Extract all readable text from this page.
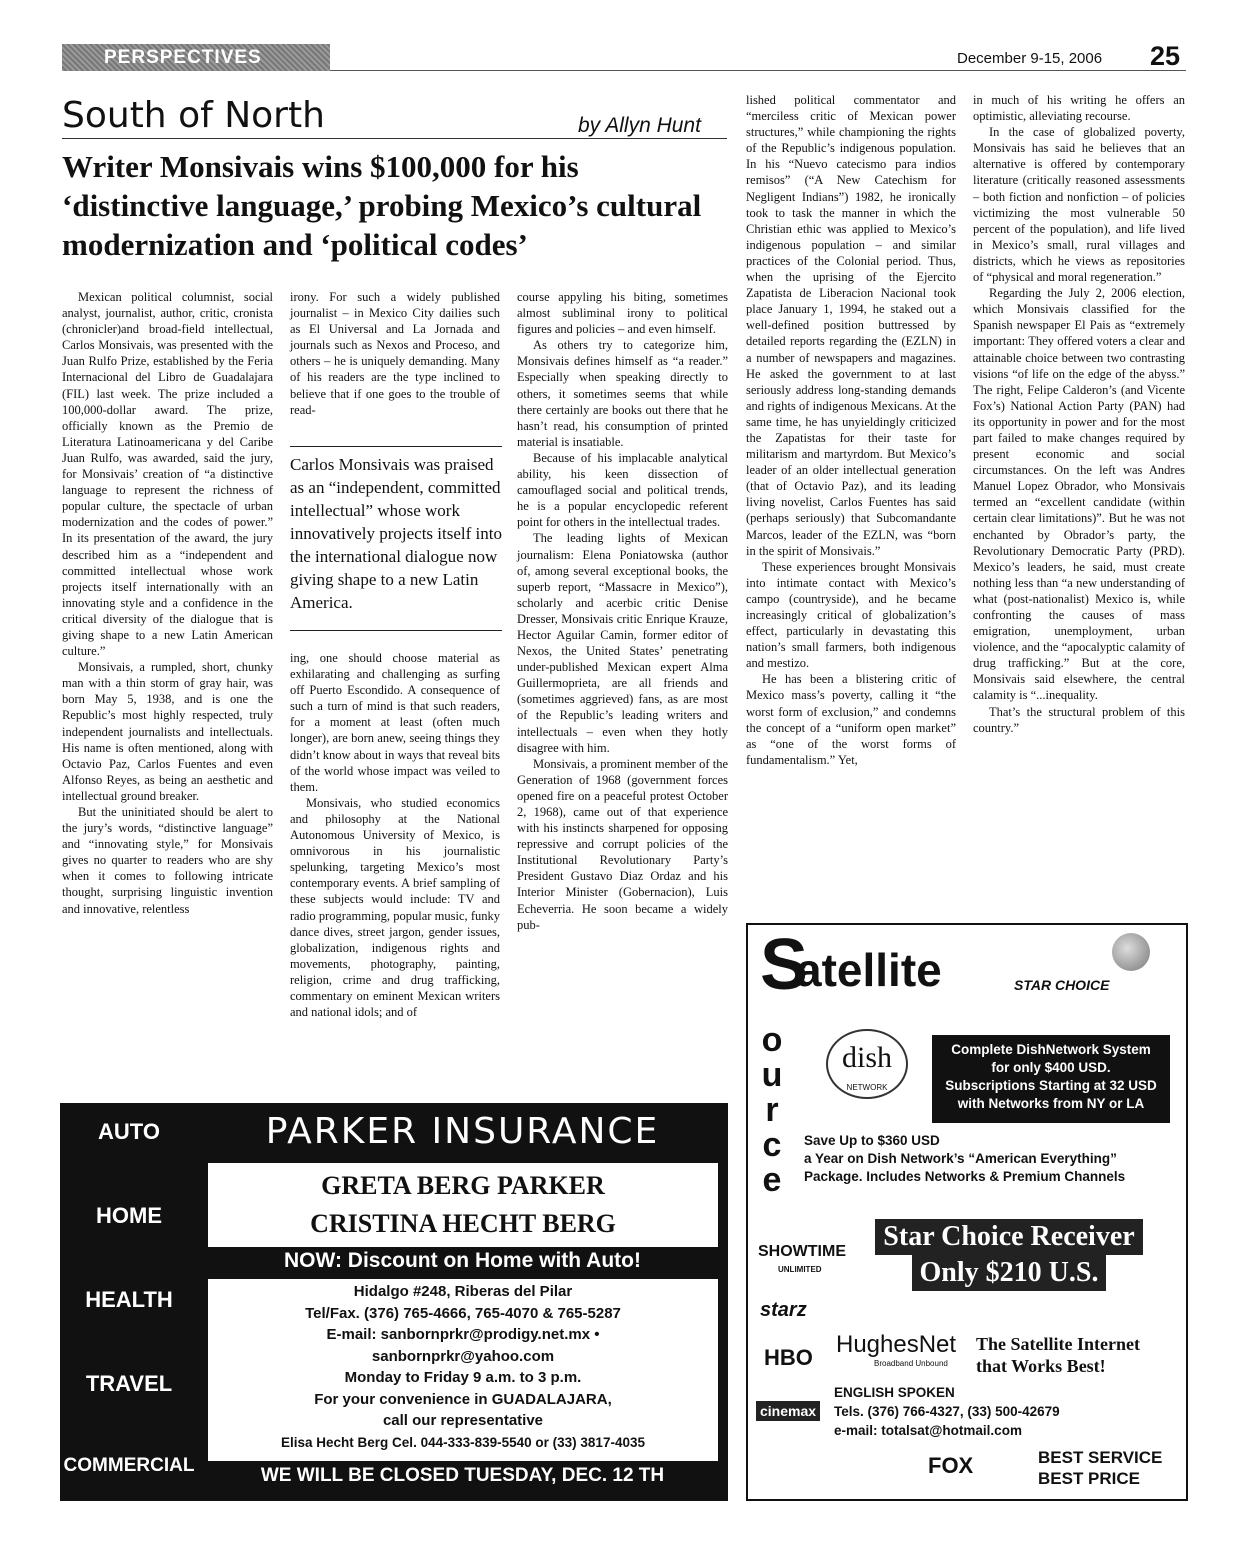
PERSPECTIVES	December 9-15, 2006 25
South of North	by Allyn Hunt
Writer Monsivais wins $100,000 for his ‘distinctive language,’ probing Mexico’s cultural modernization and ‘political codes’

Mexican political columnist, social analyst, journalist, author, critic, cronista (chronicler)and broad-field intellectual, Carlos Monsivais, was presented with the Juan Rulfo Prize, established by the Feria Internacional del Libro de Guadalajara (FIL) last week. The prize included a 100,000-dollar award. The prize, officially known as the Premio de Literatura Latinoamericana y del Caribe Juan Rulfo, was awarded, said the jury, for Monsivais’ creation of “a distinctive language to represent the richness of popular culture, the spectacle of urban modernization and the codes of power.” In its presentation of the award, the jury described him as a “independent and committed intellectual whose work projects itself internationally with an innovating style and a confidence in the critical diversity of the dialogue that is giving shape to a new Latin American culture.”

Monsivais, a rumpled, short, chunky man with a thin storm of gray hair, was born May 5, 1938, and is one the Republic’s most highly respected, truly independent journalists and intellectuals. His name is often mentioned, along with Octavio Paz, Carlos Fuentes and even Alfonso Reyes, as being an aesthetic and intellectual ground breaker.

But the uninitiated should be alert to the jury’s words, “distinctive language” and “innovating style,” for Monsivais gives no quarter to readers who are shy when it comes to following intricate thought, surprising linguistic invention and innovative, relentless

irony. For such a widely published journalist – in Mexico City dailies such as El Universal and La Jornada and journals such as Nexos and Proceso, and others – he is uniquely demanding. Many of his readers are the type inclined to believe that if one goes to the trouble of read-

Carlos Monsivais was praised as an “independent, committed intellectual” whose work innovatively projects itself into the international dialogue now giving shape to a new Latin America.

ing, one should choose material as exhilarating and challenging as surfing off Puerto Escondido. A consequence of such a turn of mind is that such readers, for a moment at least (often much longer), are born anew, seeing things they didn’t know about in ways that reveal bits of the world whose impact was veiled to them.

Monsivais, who studied economics and philosophy at the National Autonomous University of Mexico, is omnivorous in his journalistic spelunking, targeting Mexico’s most contemporary events. A brief sampling of these subjects would include: TV and radio programming, popular music, funky dance dives, street jargon, gender issues, globalization, indigenous rights and movements, photography, painting, religion, crime and drug trafficking, commentary on eminent Mexican writers and national idols; and of

course appyling his biting, sometimes almost subliminal irony to political figures and policies – and even himself.

As others try to categorize him, Monsivais defines himself as “a reader.” Especially when speaking directly to others, it sometimes seems that while there certainly are books out there that he hasn’t read, his consumption of printed material is insatiable.

Because of his implacable analytical ability, his keen dissection of camouflaged social and political trends, he is a popular encyclopedic referent point for others in the intellectual trades.

The leading lights of Mexican journalism: Elena Poniatowska (author of, among several exceptional books, the superb report, “Massacre in Mexico”), scholarly and acerbic critic Denise Dresser, Monsivais critic Enrique Krauze, Hector Aguilar Camin, former editor of Nexos, the United States’ penetrating under-published Mexican expert Alma Guillermoprieta, are all friends and (sometimes aggrieved) fans, as are most of the Republic’s leading writers and intellectuals – even when they hotly disagree with him.

Monsivais, a prominent member of the Generation of 1968 (government forces opened fire on a peaceful protest October 2, 1968), came out of that experience with his instincts sharpened for opposing repressive and corrupt policies of the Institutional Revolutionary Party’s President Gustavo Diaz Ordaz and his Interior Minister (Gobernacion), Luis Echeverria. He soon became a widely pub-

lished political commentator and “merciless critic of Mexican power structures,” while championing the rights of the Republic’s indigenous population. In his “Nuevo catecismo para indios remisos” (“A New Catechism for Negligent Indians”) 1982, he ironically took to task the manner in which the Christian ethic was applied to Mexico’s indigenous population – and similar practices of the Colonial period. Thus, when the uprising of the Ejercito Zapatista de Liberacion Nacional took place January 1, 1994, he staked out a well-defined position buttressed by detailed reports regarding the (EZLN) in a number of newspapers and magazines. He asked the government to at last seriously address long-standing demands and rights of indigenous Mexicans. At the same time, he has unyieldingly criticized the Zapatistas for their taste for militarism and martyrdom. But Mexico’s leader of an older intellectual generation (that of Octavio Paz), and its leading living novelist, Carlos Fuentes has said (perhaps seriously) that Subcomandante Marcos, leader of the EZLN, was “born in the spirit of Monsivais.”

These experiences brought Monsivais into intimate contact with Mexico’s campo (countryside), and he became increasingly critical of globalization’s effect, particularly in devastating this nation’s small farmers, both indigenous and mestizo.

He has been a blistering critic of Mexico mass’s poverty, calling it “the worst form of exclusion,” and condemns the concept of a “uniform open market” as “one of the worst forms of fundamentalism.” Yet,

in much of his writing he offers an optimistic, alleviating recourse.

In the case of globalized poverty, Monsivais has said he believes that an alternative is offered by contemporary literature (critically reasoned assessments – both fiction and nonfiction – of policies victimizing the most vulnerable 50 percent of the population), and life lived in Mexico’s small, rural villages and districts, which he views as repositories of “physical and moral regeneration.”

Regarding the July 2, 2006 election, which Monsivais classified for the Spanish newspaper El Pais as “extremely important: They offered voters a clear and attainable choice between two contrasting visions “of life on the edge of the abyss.” The right, Felipe Calderon’s (and Vicente Fox’s) National Action Party (PAN) had its opportunity in power and for the most part failed to make changes required by present economic and social circumstances. On the left was Andres Manuel Lopez Obrador, who Monsivais termed an “excellent candidate (within certain clear limitations)”. But he was not enchanted by Obrador’s party, the Revolutionary Democratic Party (PRD). Mexico’s leaders, he said, must create nothing less than “a new understanding of what (post-nationalist) Mexico is, while confronting the causes of mass emigration, unemployment, urban violence, and the “apocalyptic calamity of drug trafficking.” But at the core, Monsivais said elsewhere, the central calamity is “...inequality.

That’s the structural problem of this country.”

AUTO
HOME
HEALTH
TRAVEL
COMMERCIAL
PARKER INSURANCE
GRETA BERG PARKER
CRISTINA HECHT BERG
NOW: Discount on Home with Auto!
Hidalgo #248, Riberas del Pilar
Tel/Fax. (376) 765-4666, 765-4070 & 765-5287
E-mail: sanbornprkr@prodigy.net.mx •
sanbornprkr@yahoo.com
Monday to Friday 9 a.m. to 3 p.m.
For your convenience in GUADALAJARA,
call our representative
Elisa Hecht Berg Cel. 044-333-839-5540 or (33) 3817-4035
WE WILL BE CLOSED TUESDAY, DEC. 12 TH
S
atellite	STAR CHOICE
o
u
r
c
e
dish
NETWORK
Complete DishNetwork System
for only $400 USD.
Subscriptions Starting at 32 USD
with Networks from NY or LA
Save Up to $360 USD
a Year on Dish Network’s “American Everything”
Package. Includes Networks & Premium Channels
SHOWTIME
UNLIMITED
Star Choice Receiver
Only $210 U.S.
starz
HBO HughesNet
Broadband Unbound
The Satellite Internet
that Works Best!
cinemax
ENGLISH SPOKEN
Tels. (376) 766-4327, (33) 500-42679
e-mail: totalsat@hotmail.com
FOX	BEST SERVICE
BEST PRICE
